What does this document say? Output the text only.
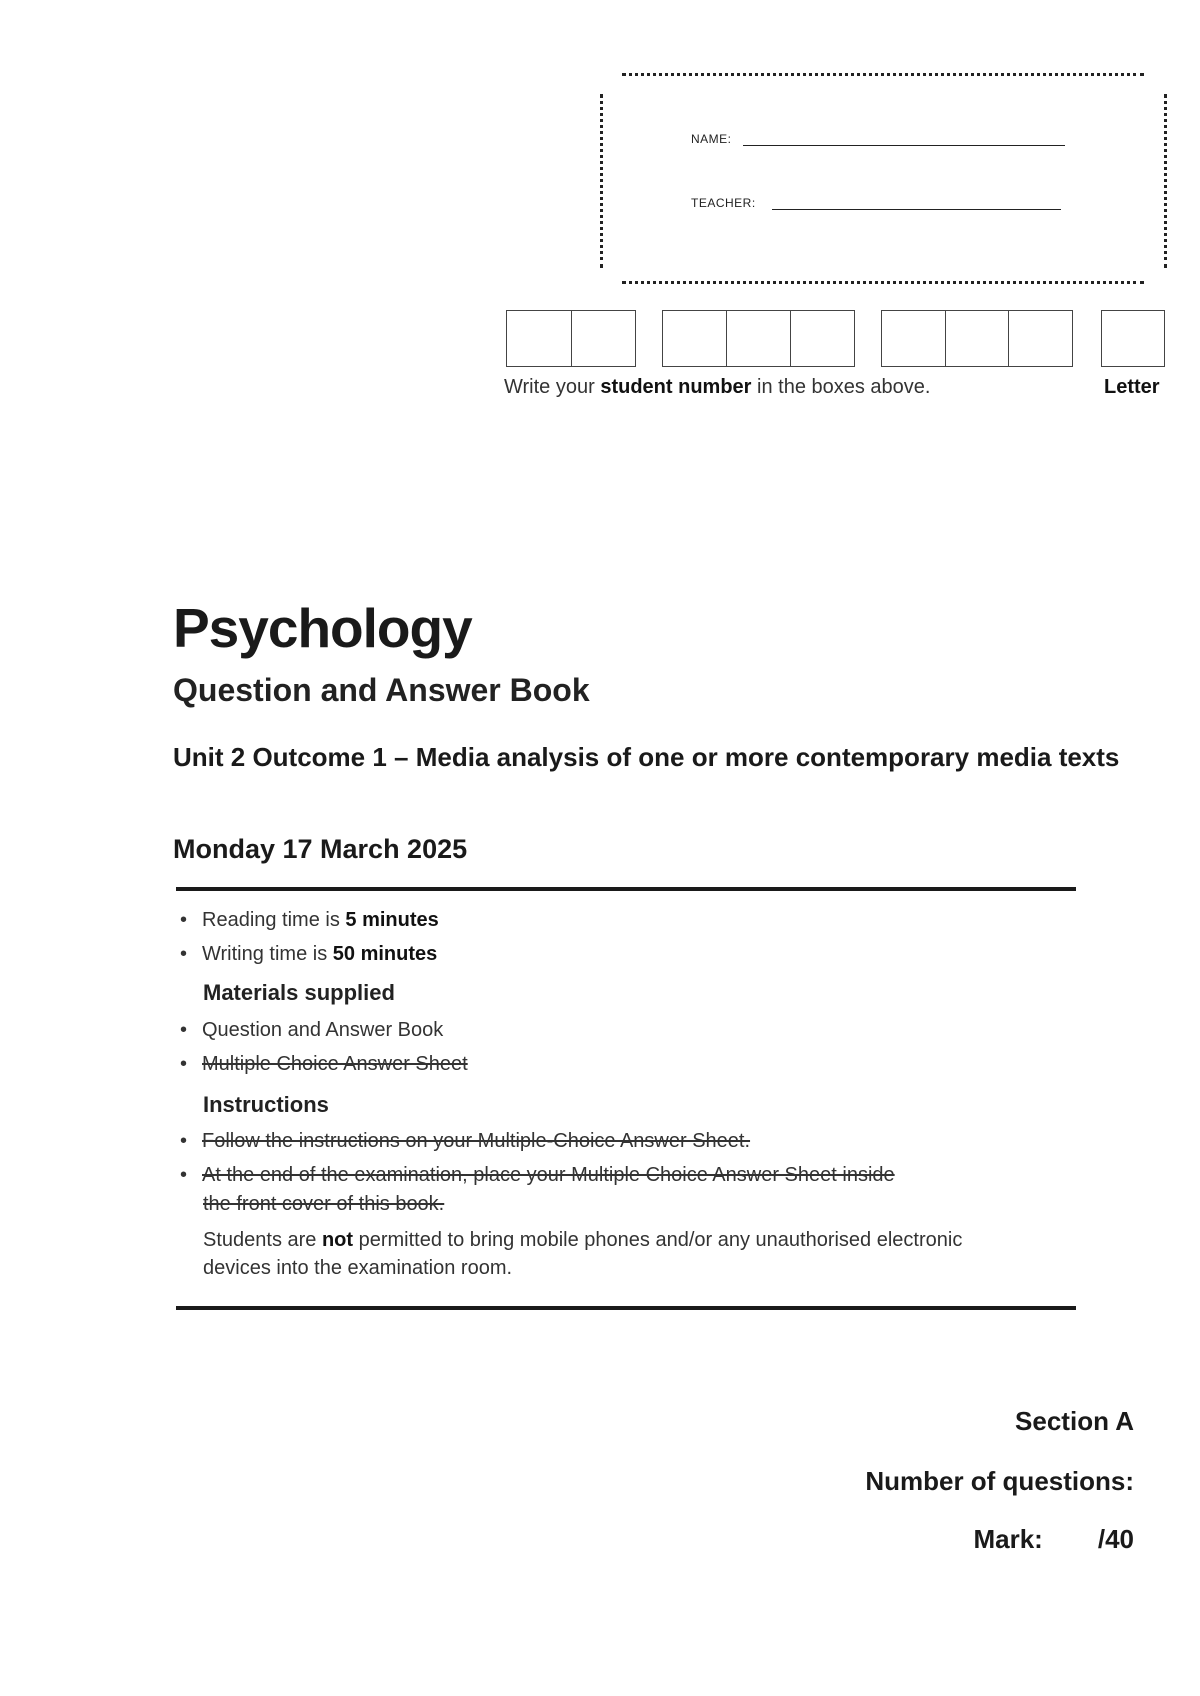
NAME:
TEACHER:
Write your student number in the boxes above.	Letter
Psychology
Question and Answer Book
Unit 2 Outcome 1 – Media analysis of one or more contemporary media texts
Monday 17 March 2025
• Reading time is 5 minutes
• Writing time is 50 minutes
Materials supplied
• Question and Answer Book
• Multiple Choice Answer Sheet
Instructions
• Follow the instructions on your Multiple-Choice Answer Sheet.
• At the end of the examination, place your Multiple Choice Answer Sheet inside
the front cover of this book.
Students are not permitted to bring mobile phones and/or any unauthorised electronic devices into the examination room.
Section A
Number of questions:
Mark: /40
